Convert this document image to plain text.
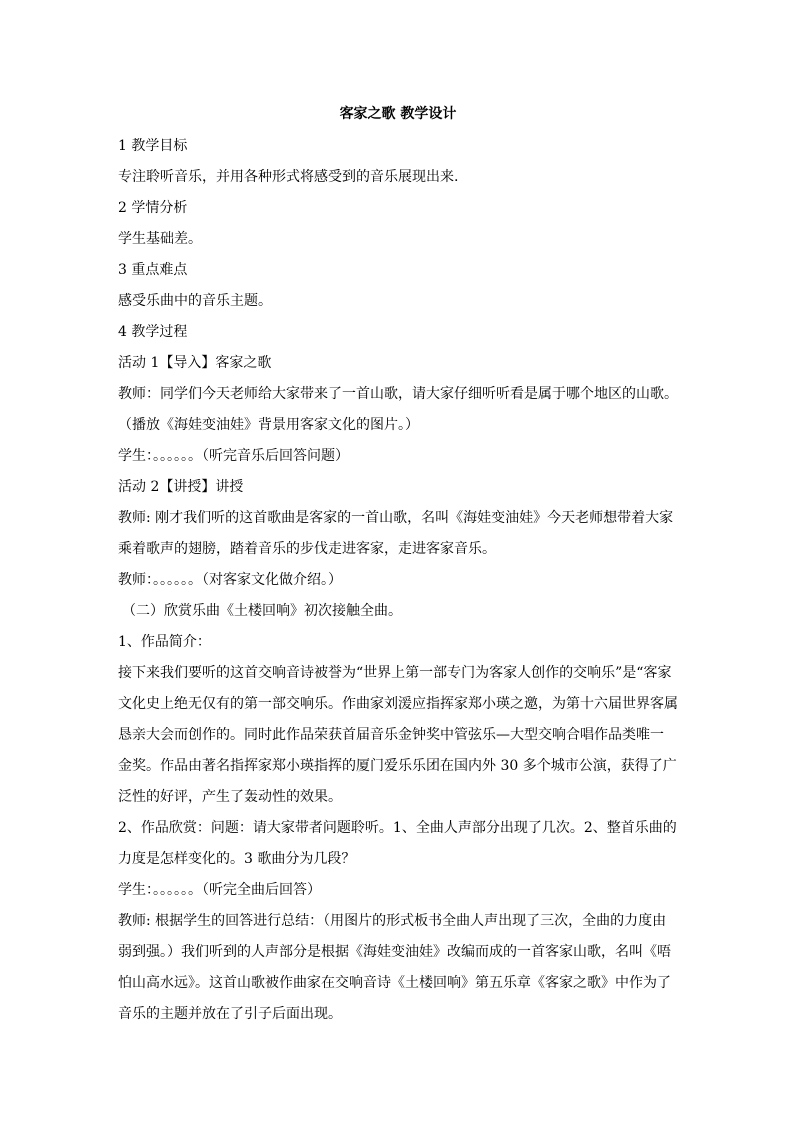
客家之歌 教学设计

1 教学目标

专注聆听音乐，并用各种形式将感受到的音乐展现出来.

2 学情分析

学生基础差。

3 重点难点

感受乐曲中的音乐主题。

4 教学过程

活动 1【导入】客家之歌

教师：同学们今天老师给大家带来了一首山歌，请大家仔细听听看是属于哪个地区的山歌。

（播放《海娃变油娃》背景用客家文化的图片。）

学生：。。。。。。（听完音乐后回答问题）

活动 2【讲授】讲授

教师: 刚才我们听的这首歌曲是客家的一首山歌，名叫《海娃变油娃》今天老师想带着大家

乘着歌声的翅膀，踏着音乐的步伐走进客家，走进客家音乐。

教师：。。。。。。（对客家文化做介绍。）

（二）欣赏乐曲《土楼回响》初次接触全曲。

1、作品简介：

接下来我们要听的这首交响音诗被誉为“世界上第一部专门为客家人创作的交响乐”是“客家

文化史上绝无仅有的第一部交响乐。作曲家刘湲应指挥家郑小瑛之邀，为第十六届世界客属

恳亲大会而创作的。同时此作品荣获首届音乐金钟奖中管弦乐—大型交响合唱作品类唯一

金奖。作品由著名指挥家郑小瑛指挥的厦门爱乐乐团在国内外 30 多个城市公演，获得了广

泛性的好评，产生了轰动性的效果。

2、作品欣赏：问题：请大家带者问题聆听。1、全曲人声部分出现了几次。2、整首乐曲的

力度是怎样变化的。3 歌曲分为几段？

学生：。。。。。。（听完全曲后回答）

教师: 根据学生的回答进行总结：（用图片的形式板书全曲人声出现了三次，全曲的力度由

弱到强。）我们听到的人声部分是根据《海娃变油娃》改编而成的一首客家山歌，名叫《唔

怕山高水远》。这首山歌被作曲家在交响音诗《土楼回响》第五乐章《客家之歌》中作为了

音乐的主题并放在了引子后面出现。
